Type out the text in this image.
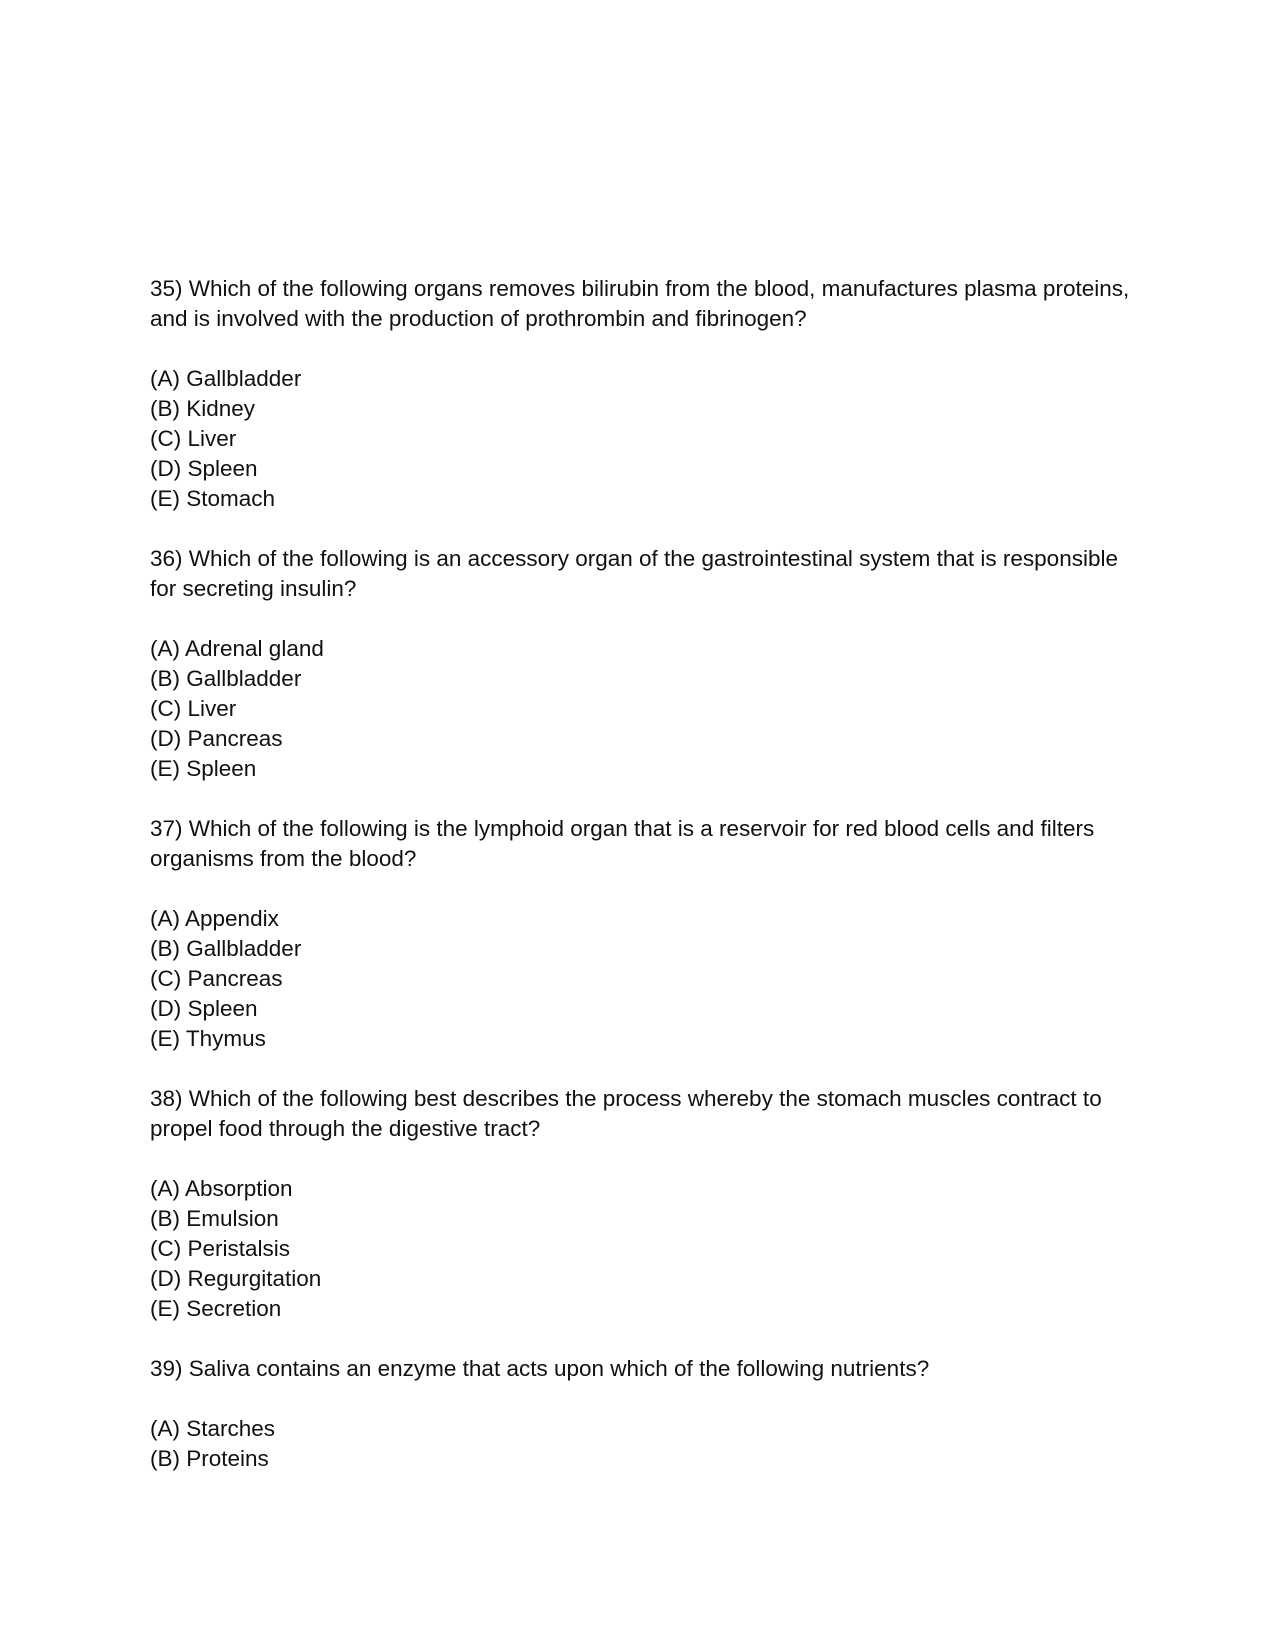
35) Which of the following organs removes bilirubin from the blood, manufactures plasma proteins, and is involved with the production of prothrombin and fibrinogen?

(A) Gallbladder
(B) Kidney
(C) Liver
(D) Spleen
(E) Stomach

36) Which of the following is an accessory organ of the gastrointestinal system that is responsible for secreting insulin?

(A) Adrenal gland
(B) Gallbladder
(C) Liver
(D) Pancreas
(E) Spleen

37) Which of the following is the lymphoid organ that is a reservoir for red blood cells and filters organisms from the blood?

(A) Appendix
(B) Gallbladder
(C) Pancreas
(D) Spleen
(E) Thymus

38) Which of the following best describes the process whereby the stomach muscles contract to propel food through the digestive tract?

(A) Absorption
(B) Emulsion
(C) Peristalsis
(D) Regurgitation
(E) Secretion

39) Saliva contains an enzyme that acts upon which of the following nutrients?

(A) Starches
(B) Proteins
